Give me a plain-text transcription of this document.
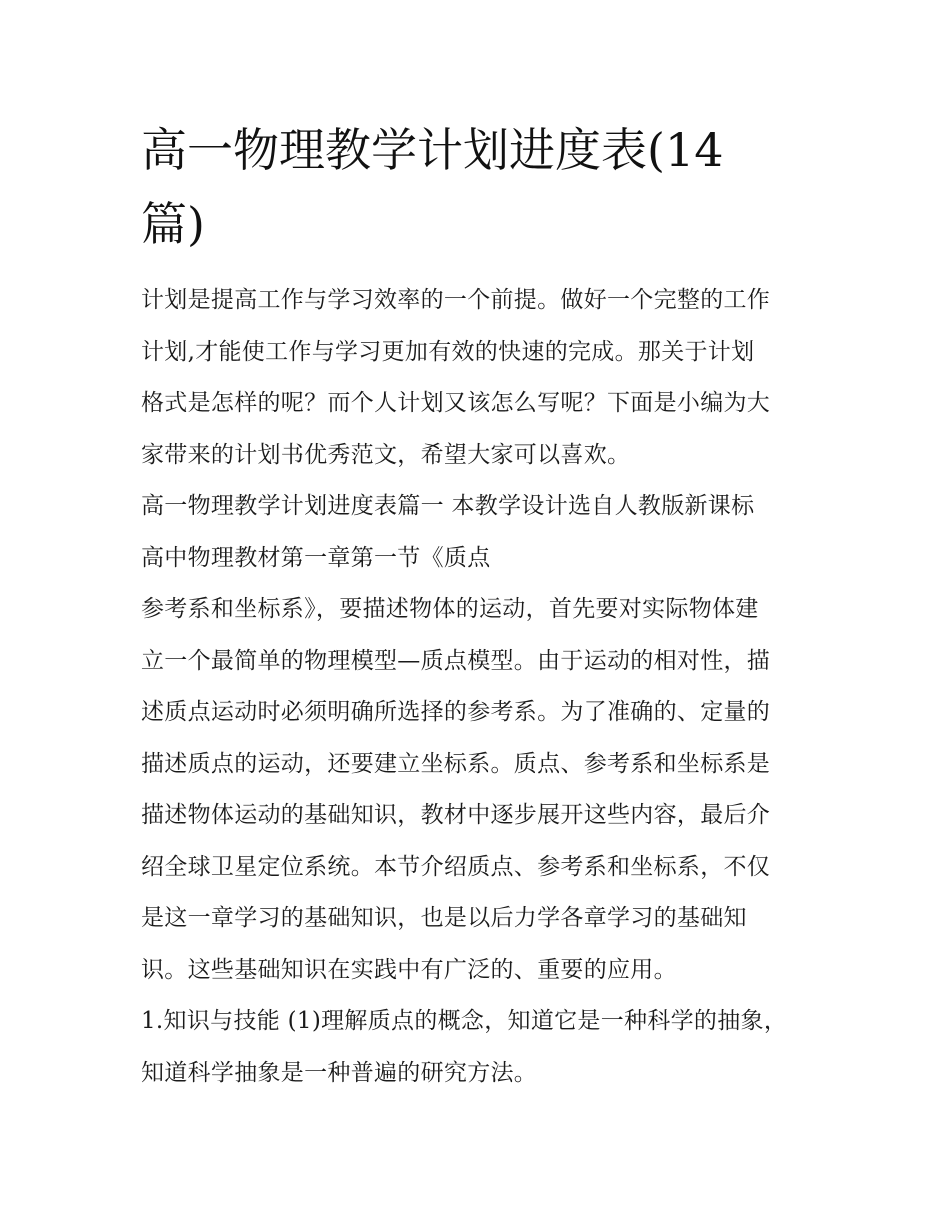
高一物理教学计划进度表(14篇)
计划是提高工作与学习效率的一个前提。做好一个完整的工作
计划,才能使工作与学习更加有效的快速的完成。那关于计划
格式是怎样的呢？而个人计划又该怎么写呢？下面是小编为大
家带来的计划书优秀范文，希望大家可以喜欢。
高一物理教学计划进度表篇一 本教学设计选自人教版新课标
高中物理教材第一章第一节《质点
参考系和坐标系》，要描述物体的运动，首先要对实际物体建
立一个最简单的物理模型—质点模型。由于运动的相对性，描
述质点运动时必须明确所选择的参考系。为了准确的、定量的
描述质点的运动，还要建立坐标系。质点、参考系和坐标系是
描述物体运动的基础知识，教材中逐步展开这些内容，最后介
绍全球卫星定位系统。本节介绍质点、参考系和坐标系，不仅
是这一章学习的基础知识，也是以后力学各章学习的基础知
识。这些基础知识在实践中有广泛的、重要的应用。
1.知识与技能 (1)理解质点的概念，知道它是一种科学的抽象，
知道科学抽象是一种普遍的研究方法。
